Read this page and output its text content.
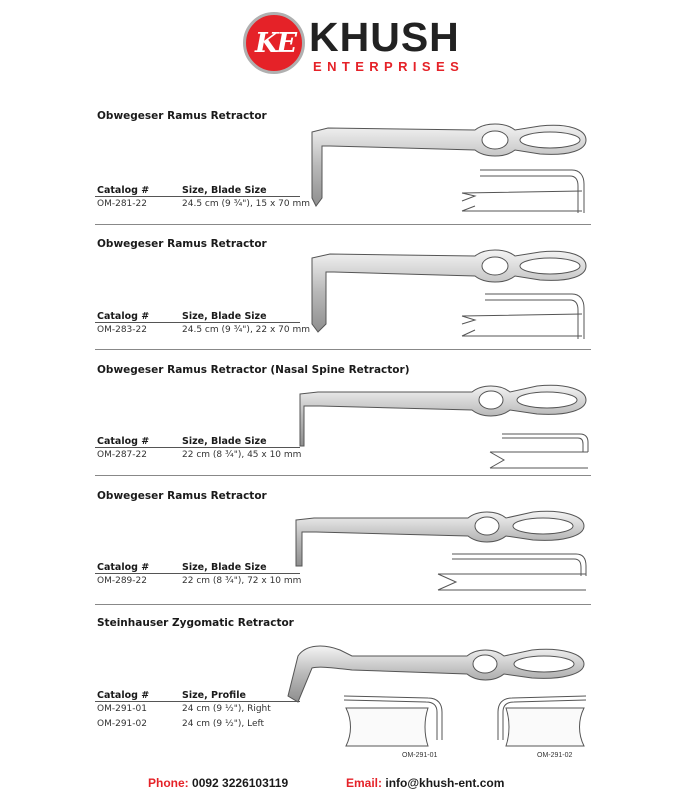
KE KHUSH
ENTERPRISES
Obwegeser Ramus Retractor
Catalog #	Size, Blade Size
OM-281-22	24.5 cm (9 ¾"), 15 x 70 mm
Obwegeser Ramus Retractor
Catalog #	Size, Blade Size
OM-283-22	24.5 cm (9 ¾"), 22 x 70 mm
Obwegeser Ramus Retractor (Nasal Spine Retractor)
Catalog #	Size, Blade Size
OM-287-22	22 cm (8 ¾"), 45 x 10 mm
Obwegeser Ramus Retractor
Catalog #	Size, Blade Size
OM-289-22	22 cm (8 ¾"), 72 x 10 mm
Steinhauser Zygomatic Retractor
OM-291-01	OM-291-02
Catalog #	Size, Profile
OM-291-01	24 cm (9 ½"), Right
OM-291-02	24 cm (9 ½"), Left
Phone: 0092 3226103119	Email: info@khush-ent.com
